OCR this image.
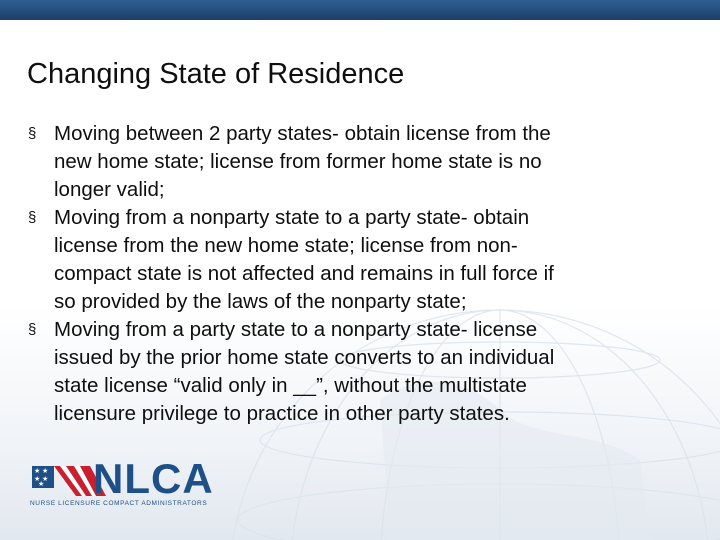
Changing State of Residence
§ Moving between 2 party states- obtain license from the
new home state; license from former home state is no
longer valid;
§ Moving from a nonparty state to a party state- obtain
license from the new home state; license from non-
compact state is not affected and remains in full force if
so provided by the laws of the nonparty state;
§ Moving from a party state to a nonparty state- license
issued by the prior home state converts to an individual
state license “valid only in __”, without the multistate
licensure privilege to practice in other party states.
★ ★
★ ★
★ NLCA
NURSE LICENSURE COMPACT ADMINISTRATORS
